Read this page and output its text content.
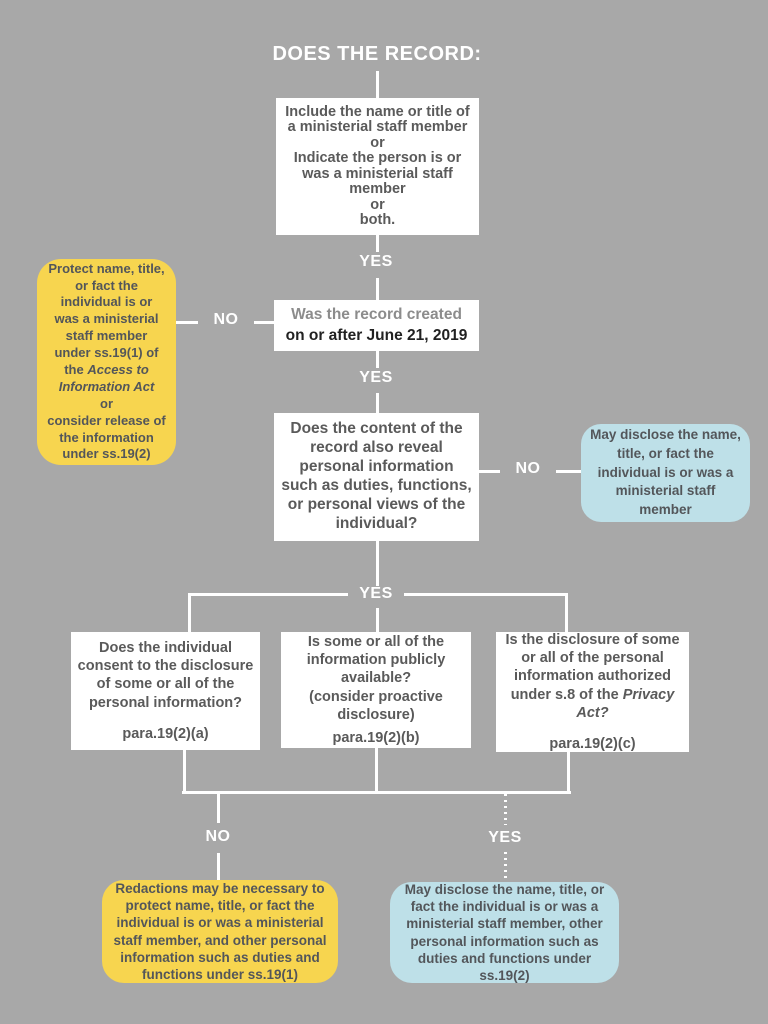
DOES THE RECORD:
Include the name or title of a ministerial staff member
or
Indicate the person is or was a ministerial staff member
or
both.
YES
NO	Was the record created
on or after June 21, 2019
Protect name, title, or fact the individual is or was a ministerial staff member under ss.19(1) of the Access to Information Act
or
consider release of the information under ss.19(2)
YES
Does the content of the record also reveal personal information such as duties, functions, or personal views of the individual?
NO
May disclose the name, title, or fact the individual is or was a ministerial staff member
YES
Does the individual consent to the disclosure of some or all of the personal information?
para.19(2)(a)
Is some or all of the information publicly available?
(consider proactive disclosure)
para.19(2)(b)
Is the disclosure of some or all of the personal information authorized under s.8 of the Privacy Act?
para.19(2)(c)
NO	YES
Redactions may be necessary to protect name, title, or fact the individual is or was a ministerial staff member, and other personal information such as duties and functions under ss.19(1)
May disclose the name, title, or fact the individual is or was a ministerial staff member, other personal information such as duties and functions under ss.19(2)
